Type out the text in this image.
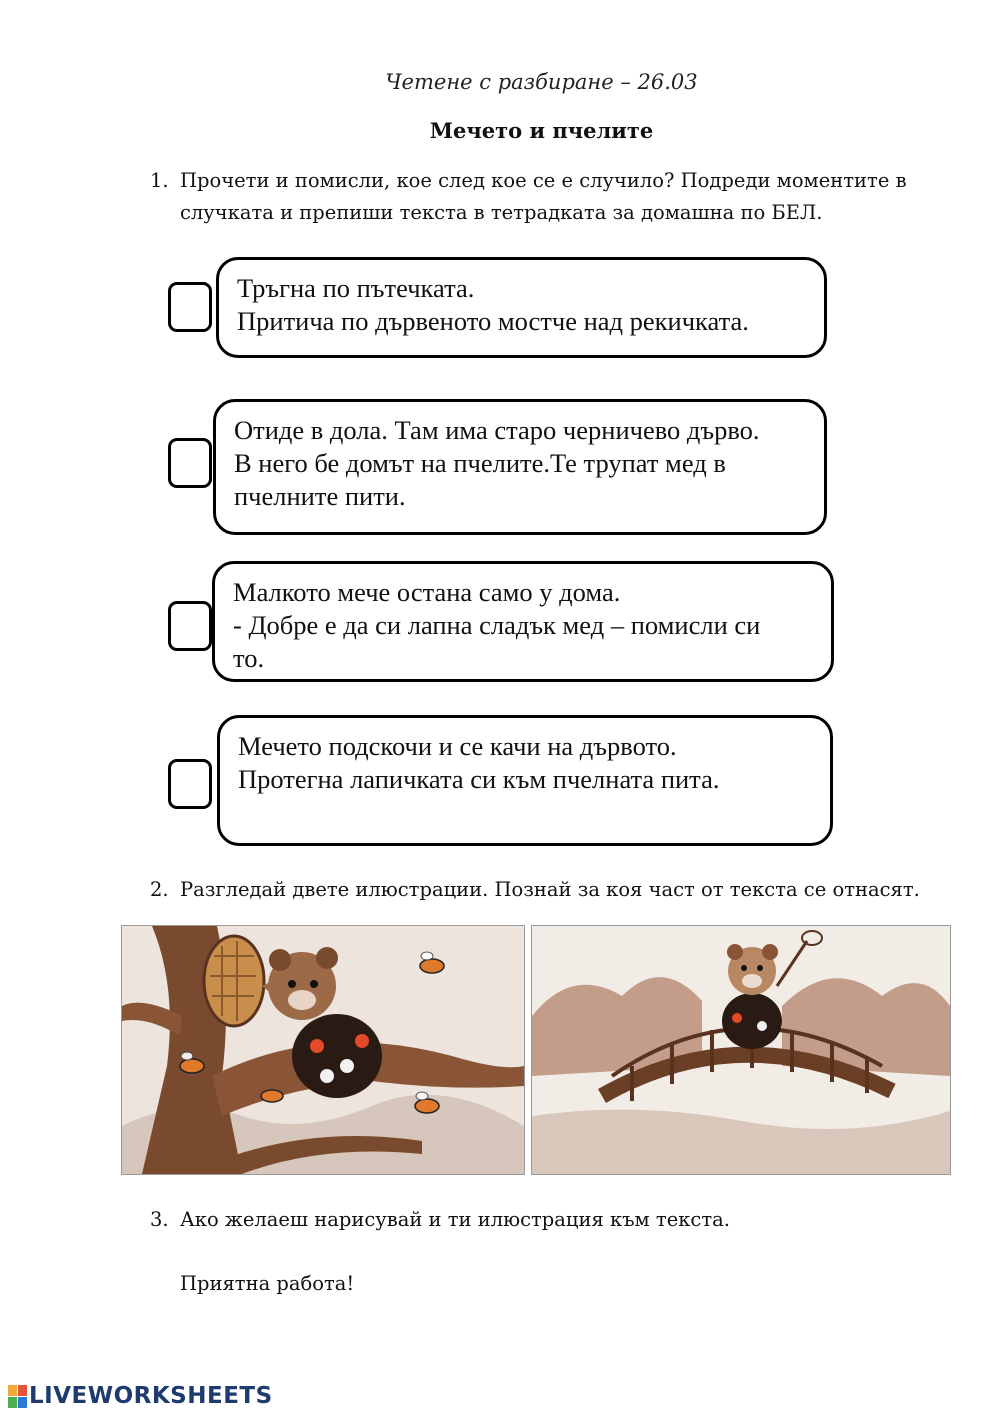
Четене с разбиране – 26.03
Мечето и пчелите
1. Прочети и помисли, кое след кое се е случило? Подреди моментите в
случката и препиши текста в тетрадката за домашна по БЕЛ.
Тръгна по пътечката.
Притича по дървеното мостче над рекичката.
Отиде в дола. Там има старо черничево дърво.
В него бе домът на пчелите.Те трупат мед в
пчелните пити.
Малкото мече остана само у дома.
- Добре е да си лапна сладък мед – помисли си
то.
Мечето подскочи и се качи на дървото.
Протегна лапичката си към пчелната пита.
2. Разгледай двете илюстрации. Познай за коя част от текста се отнасят.
3. Ако желаеш нарисувай и ти илюстрация към текста.
Приятна работа!
LIVEWORKSHEETS
